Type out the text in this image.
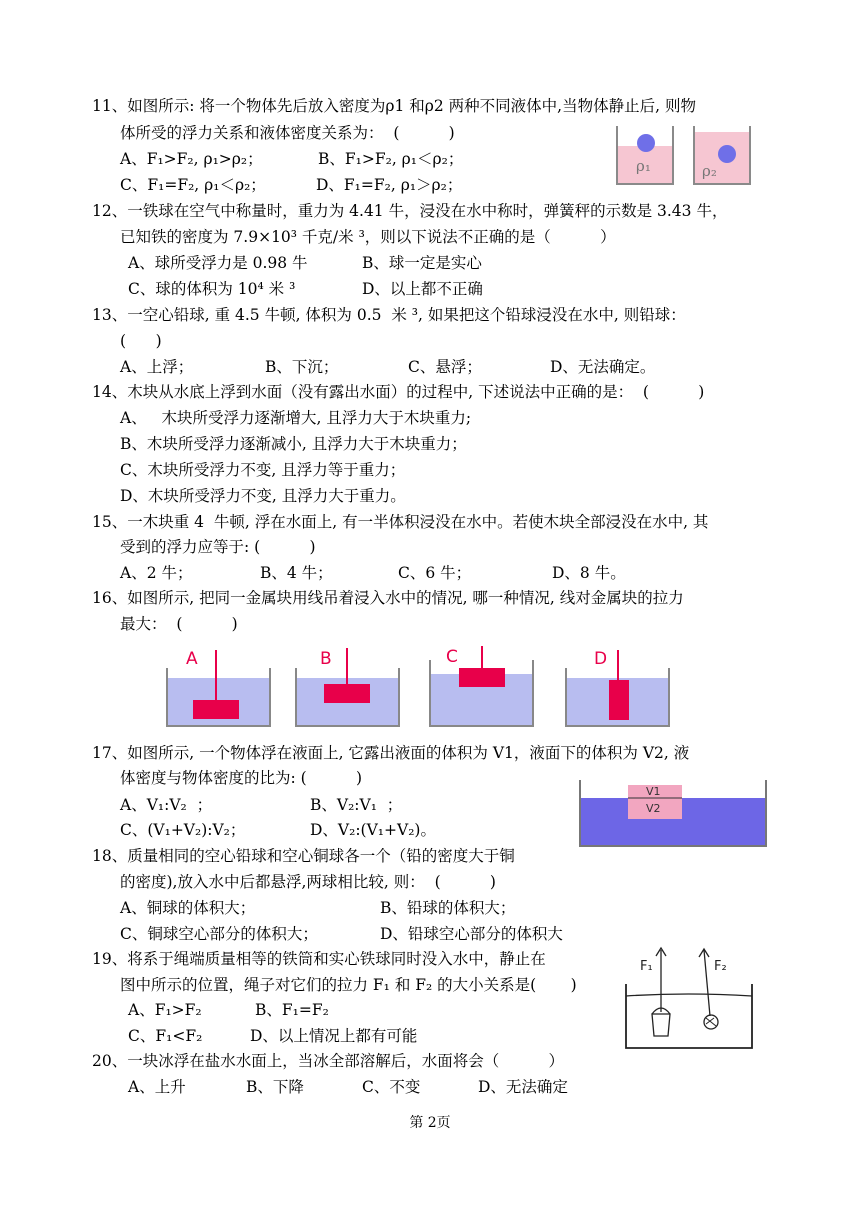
11、如图所示: 将一个物体先后放入密度为ρ1 和ρ2 两种不同液体中,当物体静止后, 则物
体所受的浮力关系和液体密度关系为：  (          )
A、F₁>F₂, ρ₁>ρ₂；	B、F₁>F₂, ρ₁＜ρ₂；
C、F₁=F₂, ρ₁＜ρ₂；	D、F₁=F₂, ρ₁＞ρ₂；
ρ₁	ρ₂
12、一铁球在空气中称量时，重力为 4.41 牛，浸没在水中称时，弹簧秤的示数是 3.43 牛，
已知铁的密度为 7.9×10³ 千克/米 ³，则以下说法不正确的是（          ）
A、球所受浮力是 0.98 牛	B、球一定是实心
C、球的体积为 10⁴ 米 ³	D、以上都不正确
13、一空心铅球, 重 4.5 牛顿, 体积为 0.5  米 ³, 如果把这个铅球浸没在水中, 则铅球：
(      )
A、上浮；	B、下沉；	C、悬浮；	D、无法确定。
14、木块从水底上浮到水面（没有露出水面）的过程中, 下述说法中正确的是：  (          )
A、   木块所受浮力逐渐增大, 且浮力大于木块重力;
B、木块所受浮力逐渐减小, 且浮力大于木块重力；
C、木块所受浮力不变, 且浮力等于重力；
D、木块所受浮力不变, 且浮力大于重力。
15、一木块重 4  牛顿, 浮在水面上, 有一半体积浸没在水中。若使木块全部浸没在水中, 其
受到的浮力应等于: (          )
A、2 牛；	B、4 牛；	C、6 牛；	D、8 牛。
16、如图所示, 把同一金属块用线吊着浸入水中的情况, 哪一种情况, 线对金属块的拉力
最大：  (          )
A	B	C	D
17、如图所示, 一个物体浮在液面上, 它露出液面的体积为 V1，液面下的体积为 V2, 液
体密度与物体密度的比为: (          )
A、V₁:V₂  ；	B、V₂:V₁  ；
C、(V₁+V₂):V₂；	D、V₂:(V₁+V₂)。
V1
V2
18、质量相同的空心铅球和空心铜球各一个（铅的密度大于铜
的密度),放入水中后都悬浮,两球相比较, 则：  (          )
A、铜球的体积大；	B、铅球的体积大；
C、铜球空心部分的体积大；	D、铅球空心部分的体积大
19、将系于绳端质量相等的铁筒和实心铁球同时没入水中，静止在
图中所示的位置，绳子对它们的拉力 F₁ 和 F₂ 的大小关系是(       )
A、F₁>F₂	B、F₁=F₂
C、F₁<F₂	D、以上情况上都有可能
F₁	F₂
20、一块冰浮在盐水水面上，当冰全部溶解后，水面将会（          ）
A、上升	B、下降	C、不变	D、无法确定
第 2页
